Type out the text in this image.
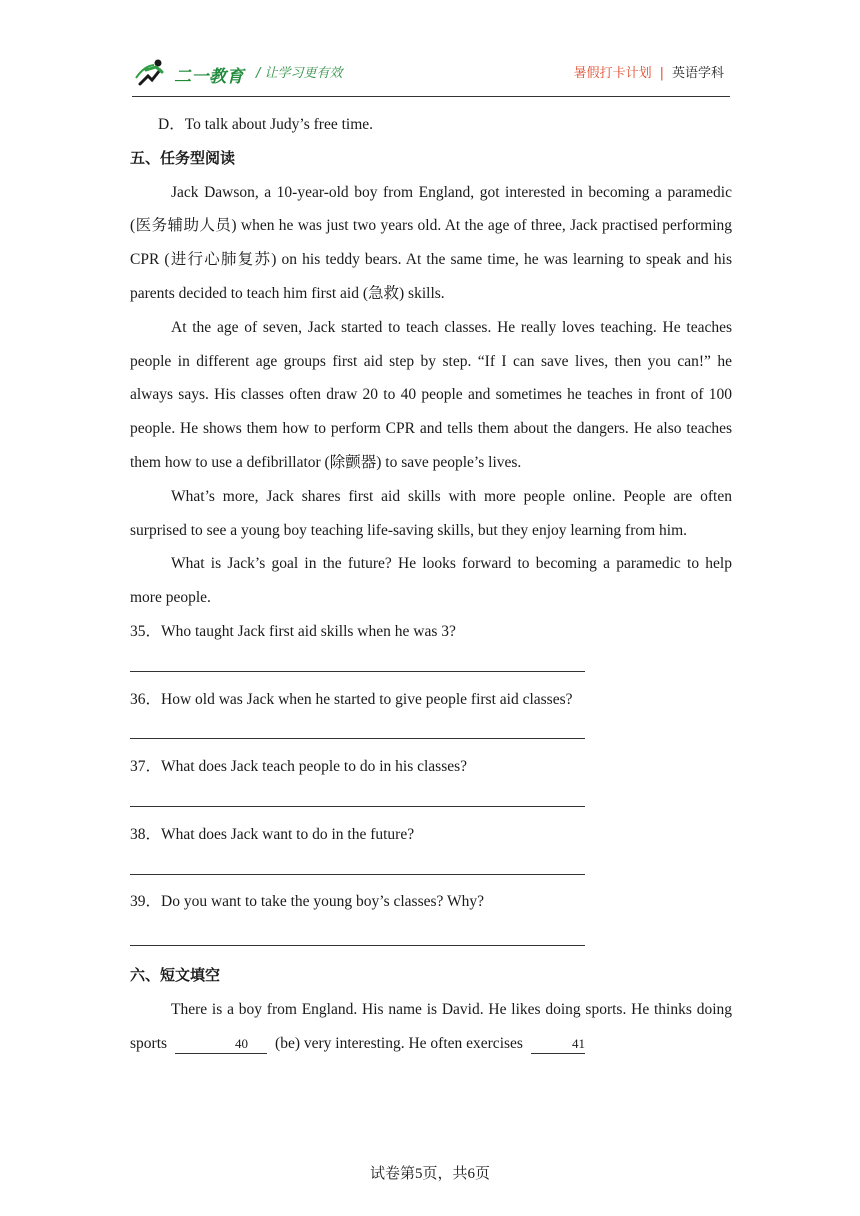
二一教育 / 让学习更有效	暑假打卡计划 | 英语学科

D．To talk about Judy’s free time.

五、任务型阅读

Jack Dawson, a 10-year-old boy from England, got interested in becoming a paramedic (医务辅助人员) when he was just two years old. At the age of three, Jack practised performing CPR (进行心肺复苏) on his teddy bears. At the same time, he was learning to speak and his parents decided to teach him first aid (急救) skills.

At the age of seven, Jack started to teach classes. He really loves teaching. He teaches people in different age groups first aid step by step. “If I can save lives, then you can!” he always says. His classes often draw 20 to 40 people and sometimes he teaches in front of 100 people. He shows them how to perform CPR and tells them about the dangers. He also teaches them how to use a defibrillator (除颤器) to save people’s lives.

What’s more, Jack shares first aid skills with more people online. People are often surprised to see a young boy teaching life-saving skills, but they enjoy learning from him.

What is Jack’s goal in the future? He looks forward to becoming a paramedic to help more people.

35．Who taught Jack first aid skills when he was 3?

36．How old was Jack when he started to give people first aid classes?

37．What does Jack teach people to do in his classes?

38．What does Jack want to do in the future?

39．Do you want to take the young boy’s classes? Why?

六、短文填空

There is a boy from England. His name is David. He likes doing sports. He thinks doing sports	40 (be) very interesting. He often exercises	41

试卷第5页，共6页
